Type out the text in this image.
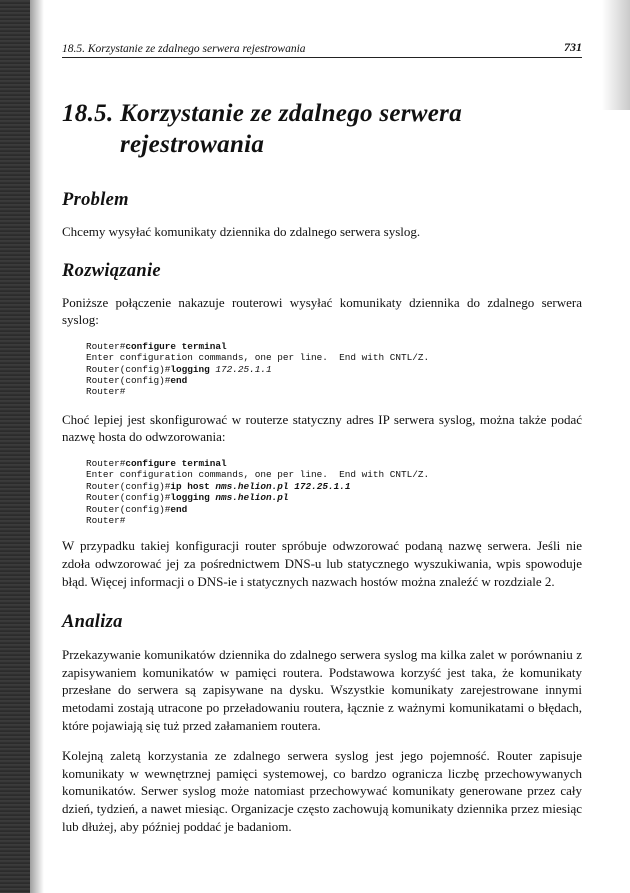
18.5. Korzystanie ze zdalnego serwera rejestrowania	731
18.5. Korzystanie ze zdalnego serwera
rejestrowania
Problem

Chcemy wysyłać komunikaty dziennika do zdalnego serwera syslog.

Rozwiązanie

Poniższe połączenie nakazuje routerowi wysyłać komunikaty dziennika do zdalnego serwera syslog:

Router#configure terminal
Enter configuration commands, one per line.  End with CNTL/Z.
Router(config)#logging 172.25.1.1
Router(config)#end
Router#

Choć lepiej jest skonfigurować w routerze statyczny adres IP serwera syslog, można także podać nazwę hosta do odwzorowania:

Router#configure terminal
Enter configuration commands, one per line.  End with CNTL/Z.
Router(config)#ip host nms.helion.pl 172.25.1.1
Router(config)#logging nms.helion.pl
Router(config)#end
Router#

W przypadku takiej konfiguracji router spróbuje odwzorować podaną nazwę serwera. Jeśli nie zdoła odwzorować jej za pośrednictwem DNS-u lub statycznego wyszukiwania, wpis spowoduje błąd. Więcej informacji o DNS-ie i statycznych nazwach hostów można znaleźć w rozdziale 2.

Analiza

Przekazywanie komunikatów dziennika do zdalnego serwera syslog ma kilka zalet w porównaniu z zapisywaniem komunikatów w pamięci routera. Podstawowa korzyść jest taka, że komunikaty przesłane do serwera są zapisywane na dysku. Wszystkie komunikaty zarejestrowane innymi metodami zostają utracone po przeładowaniu routera, łącznie z ważnymi komunikatami o błędach, które pojawiają się tuż przed załamaniem routera.

Kolejną zaletą korzystania ze zdalnego serwera syslog jest jego pojemność. Router zapisuje komunikaty w wewnętrznej pamięci systemowej, co bardzo ogranicza liczbę przechowywanych komunikatów. Serwer syslog może natomiast przechowywać komunikaty generowane przez cały dzień, tydzień, a nawet miesiąc. Organizacje często zachowują komunikaty dziennika przez miesiąc lub dłużej, aby później poddać je badaniom.
